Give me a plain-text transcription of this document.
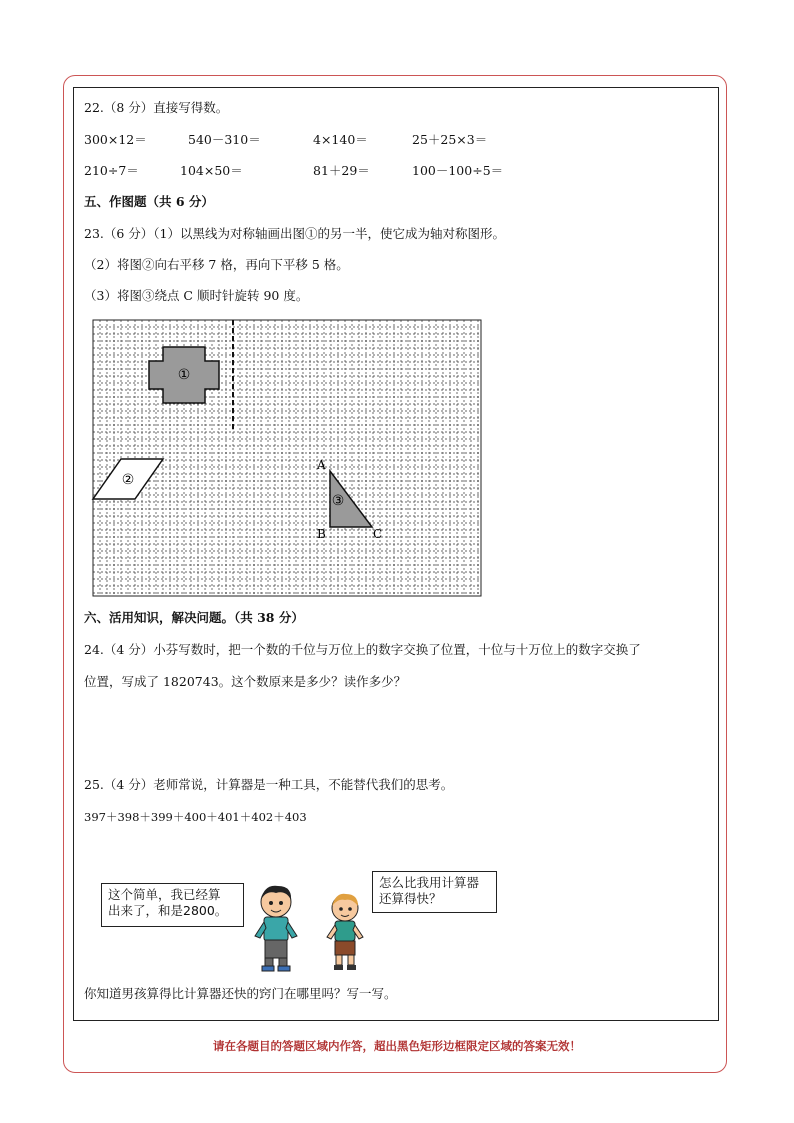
22.（8 分）直接写得数。
300×12＝	540－310＝	4×140＝	25＋25×3＝
210÷7＝	104×50＝	81＋29＝	100－100÷5＝
五、作图题（共 6 分）
23.（6 分）（1）以黑线为对称轴画出图①的另一半，使它成为轴对称图形。
（2）将图②向右平移 7 格，再向下平移 5 格。
（3）将图③绕点 C 顺时针旋转 90 度。
①
②
③
A
B	C
六、活用知识，解决问题。（共 38 分）
24.（4 分）小芬写数时，把一个数的千位与万位上的数字交换了位置，十位与十万位上的数字交换了
位置，写成了 1820743。这个数原来是多少？读作多少？
25.（4 分）老师常说，计算器是一种工具，不能替代我们的思考。
397＋398＋399＋400＋401＋402＋403
这个简单，我已经算
出来了，和是2800。
怎么比我用计算器
还算得快？
你知道男孩算得比计算器还快的窍门在哪里吗？写一写。
请在各题目的答题区域内作答，超出黑色矩形边框限定区域的答案无效！
